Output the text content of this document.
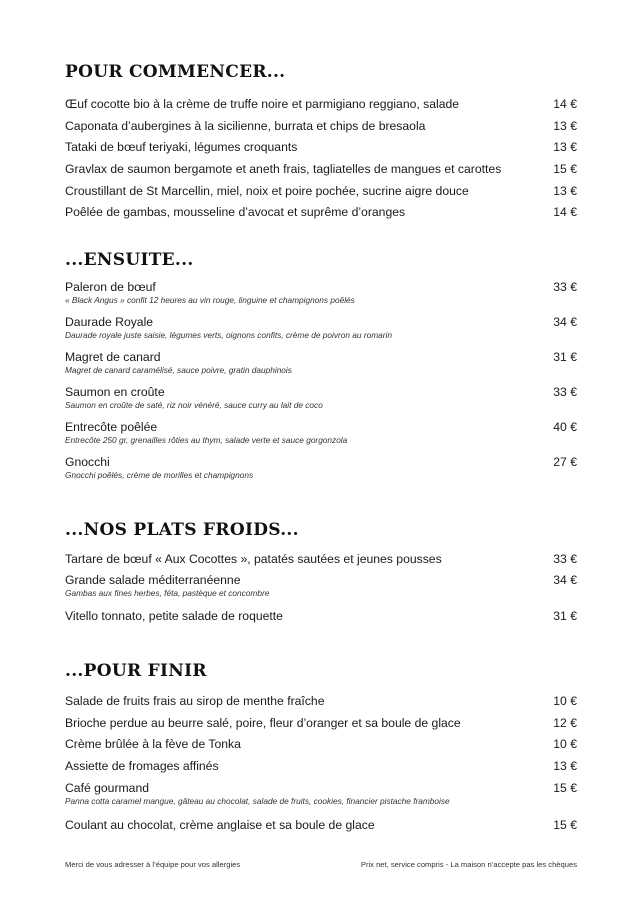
POUR COMMENCER...
Œuf cocotte bio à la crème de truffe noire et parmigiano reggiano, salade	14 €
Caponata d’aubergines à la sicilienne, burrata et chips de bresaola	13 €
Tataki de bœuf teriyaki, légumes croquants	13 €
Gravlax de saumon bergamote et aneth frais, tagliatelles de mangues et carottes	15 €
Croustillant de St Marcellin, miel, noix et poire pochée, sucrine aigre douce	13 €
Poêlée de gambas, mousseline d’avocat et suprême d’oranges	14 €
...ENSUITE...
Paleron de bœuf	33 €
« Black Angus » confit 12 heures au vin rouge, linguine et champignons poêlés
Daurade Royale	34 €
Daurade royale juste saisie, légumes verts, oignons confits, crème de poivron au romarin
Magret de canard	31 €
Magret de canard caramélisé, sauce poivre, gratin dauphinois
Saumon en croûte	33 €
Saumon en croûte de saté, riz noir vénéré, sauce curry au lait de coco
Entrecôte poêlée	40 €
Entrecôte 250 gr, grenailles rôties au thym, salade verte et sauce gorgonzola
Gnocchi	27 €
Gnocchi poêlés, crème de morilles et champignons
...NOS PLATS FROIDS...
Tartare de bœuf « Aux Cocottes », patatés sautées et jeunes pousses	33 €
Grande salade méditerranéenne	34 €
Gambas aux fines herbes, féta, pastèque et concombre
Vitello tonnato, petite salade de roquette	31 €
...POUR FINIR
Salade de fruits frais au sirop de menthe fraîche	10 €
Brioche perdue au beurre salé, poire, fleur d’oranger et sa boule de glace	12 €
Crème brûlée à la fève de Tonka	10 €
Assiette de fromages affinés	13 €
Café gourmand	15 €
Panna cotta caramel mangue, gâteau au chocolat, salade de fruits, cookies, financier pistache framboise
Coulant au chocolat, crème anglaise et sa boule de glace	15 €
Merci de vous adresser à l’équipe pour vos allergies	Prix net, service compris - La maison n’accepte pas les chèques
